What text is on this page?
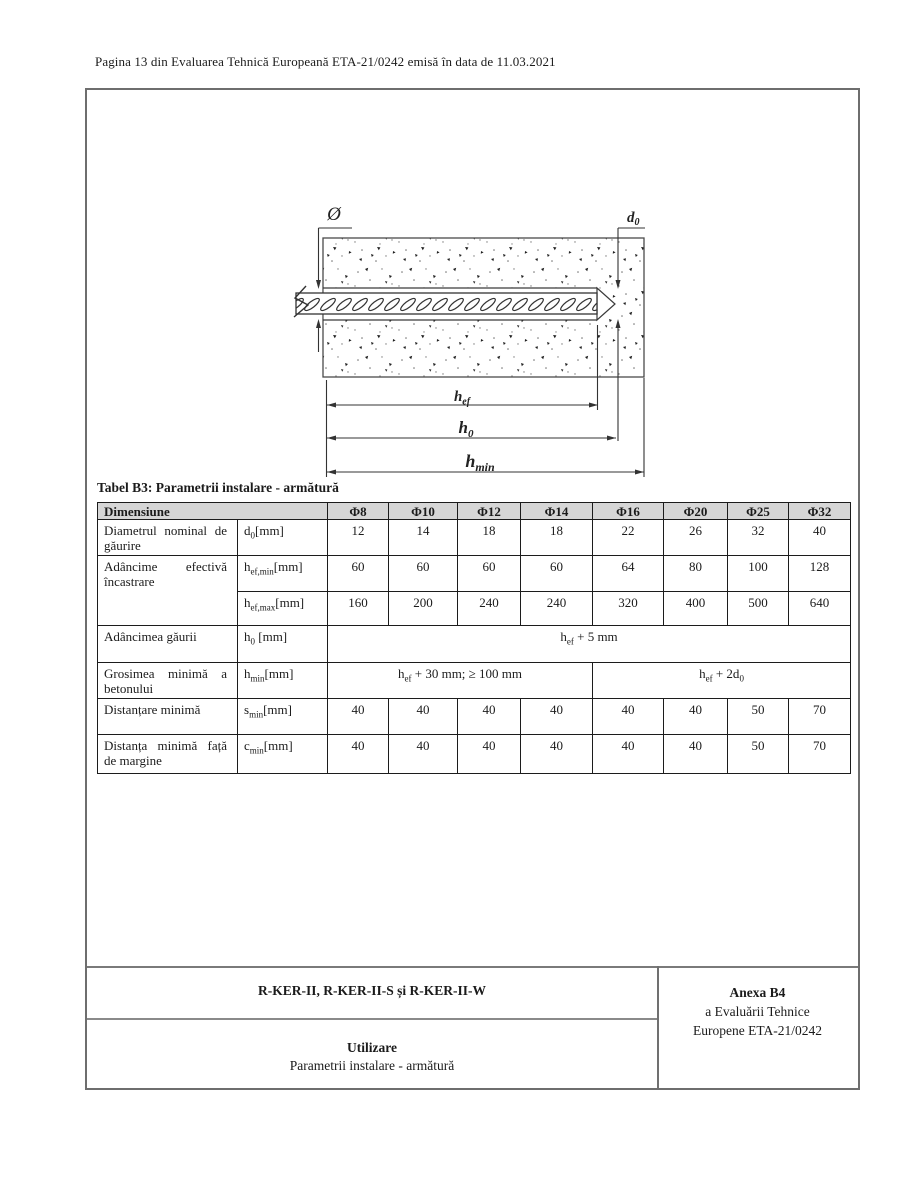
Pagina 13 din Evaluarea Tehnică Europeană ETA-21/0242 emisă în data de 11.03.2021
Ø	$d_0$
$h_{ef}$
$h_0$
$h_{min}$
Tabel B3: Parametrii instalare - armătură
Dimensiune		Φ8	Φ10	Φ12	Φ14	Φ16	Φ20	Φ25	Φ32
Diametrul nominal de găurire	$d_0[mm]$	12	14	18	18	22	26	32	40
Adâncime efectivă încastrare	$h_{ef,min}[mm]$	60	60	60	60	64	80	100	128
	$h_{ef,max}[mm]$	160	200	240	240	320	400	500	640
Adâncimea găurii	$h_0$ [mm]	$h_{ef} + 5$ mm							
Grosimea minimă a betonului	$h_{min}[mm]$	$h_{ef} + 30$ mm; ≥ 100 mm				$h_{ef} + 2d_0$
Distanțare minimă	$s_{min}[mm]$	40	40	40	40	40	40	50	70
Distanța minimă față de margine	$c_{min}[mm]$	40	40	40	40	40	40	50	70
R-KER-II, R-KER-II-S și R-KER-II-W
Utilizare
Parametrii instalare - armătură
Anexa B4
a Evaluării Tehnice
Europene ETA-21/0242
